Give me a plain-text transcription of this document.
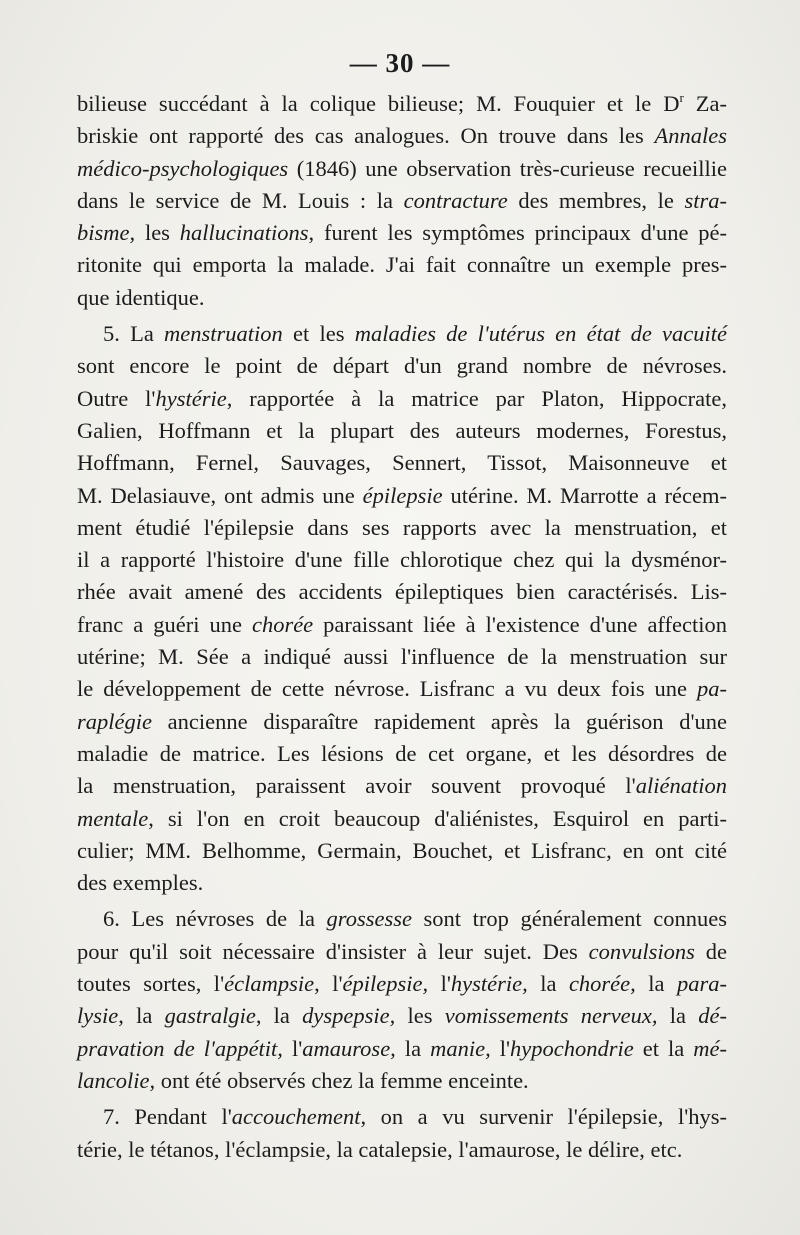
— 30 —
bilieuse succédant à la colique bilieuse; M. Fouquier et le $D^r$ Za-
briskie ont rapporté des cas analogues. On trouve dans les Annales
médico-psychologiques (1846) une observation très-curieuse recueillie
dans le service de M. Louis : la contracture des membres, le stra-
bisme, les hallucinations, furent les symptômes principaux d'une pé-
ritonite qui emporta la malade. J'ai fait connaître un exemple pres-
que identique.
5. La menstruation et les maladies de l'utérus en état de vacuité
sont encore le point de départ d'un grand nombre de névroses.
Outre l'hystérie, rapportée à la matrice par Platon, Hippocrate,
Galien, Hoffmann et la plupart des auteurs modernes, Forestus,
Hoffmann, Fernel, Sauvages, Sennert, Tissot, Maisonneuve et
M. Delasiauve, ont admis une épilepsie utérine. M. Marrotte a récem-
ment étudié l'épilepsie dans ses rapports avec la menstruation, et
il a rapporté l'histoire d'une fille chlorotique chez qui la dysménor-
rhée avait amené des accidents épileptiques bien caractérisés. Lis-
franc a guéri une chorée paraissant liée à l'existence d'une affection
utérine; M. Sée a indiqué aussi l'influence de la menstruation sur
le développement de cette névrose. Lisfranc a vu deux fois une pa-
raplégie ancienne disparaître rapidement après la guérison d'une
maladie de matrice. Les lésions de cet organe, et les désordres de
la menstruation, paraissent avoir souvent provoqué l'aliénation
mentale, si l'on en croit beaucoup d'aliénistes, Esquirol en parti-
culier; MM. Belhomme, Germain, Bouchet, et Lisfranc, en ont cité
des exemples.
6. Les névroses de la grossesse sont trop généralement connues
pour qu'il soit nécessaire d'insister à leur sujet. Des convulsions de
toutes sortes, l'éclampsie, l'épilepsie, l'hystérie, la chorée, la para-
lysie, la gastralgie, la dyspepsie, les vomissements nerveux, la dé-
pravation de l'appétit, l'amaurose, la manie, l'hypochondrie et la mé-
lancolie, ont été observés chez la femme enceinte.
7. Pendant l'accouchement, on a vu survenir l'épilepsie, l'hys-
térie, le tétanos, l'éclampsie, la catalepsie, l'amaurose, le délire, etc.
